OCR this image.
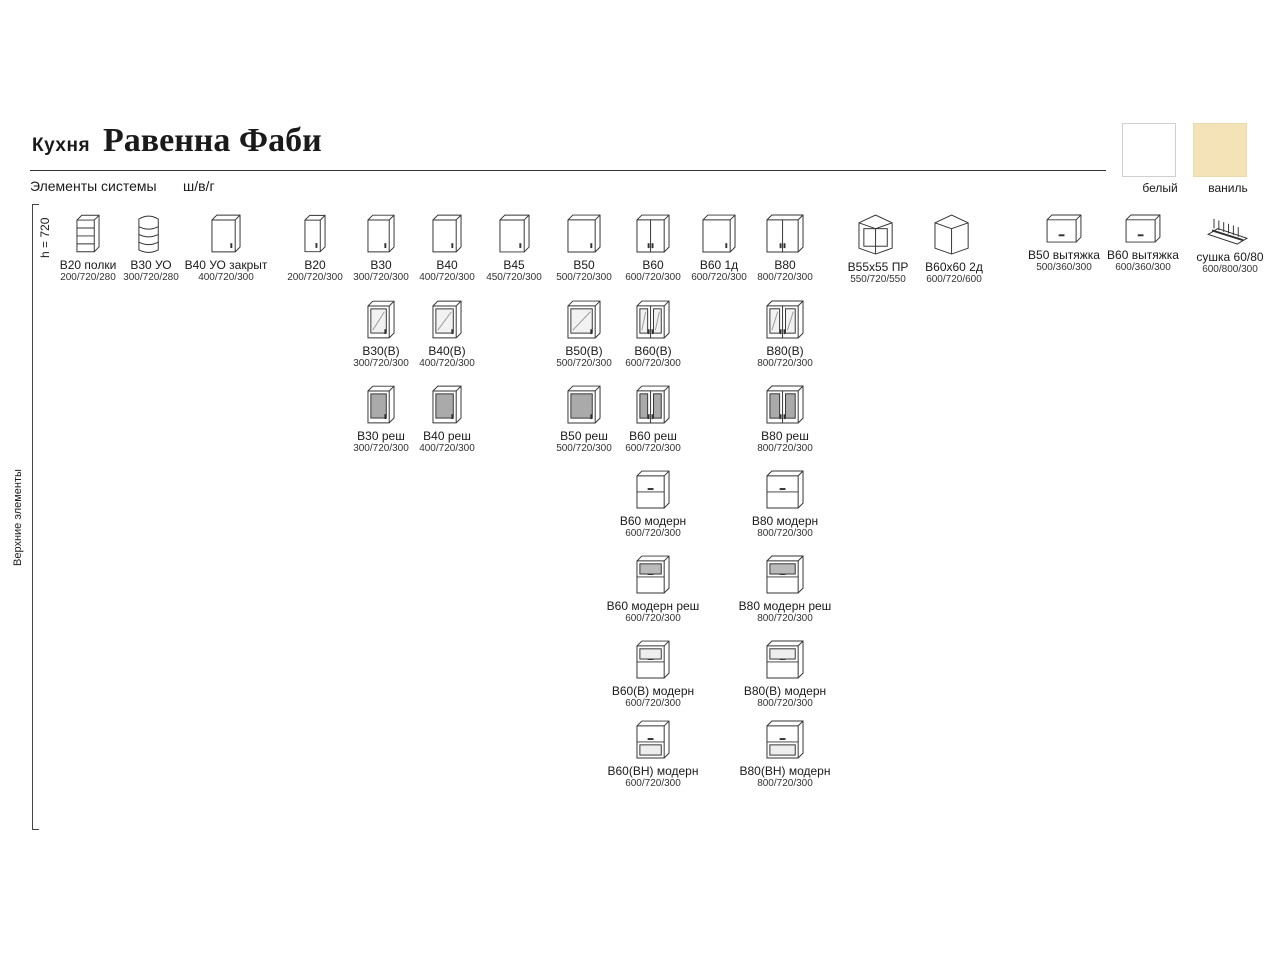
Кухня Равенна Фаби
Элементы системы ш/в/г	белый	ваниль
h = 720
Верхние элементы
В20 полки
200/720/280
В30 УО
300/720/280
В40 УО закрыт
400/720/300
В20
200/720/300
В30
300/720/300
В40
400/720/300
В45
450/720/300
В50
500/720/300
В60
600/720/300
В60 1д
600/720/300
В80
800/720/300
В55х55 ПР
550/720/550
В60х60 2д
600/720/600
В50 вытяжка
500/360/300
В60 вытяжка
600/360/300
сушка 60/80
600/800/300
В30(В)
300/720/300
В40(В)
400/720/300
В50(В)
500/720/300
В60(В)
600/720/300
В80(В)
800/720/300
В30 реш
300/720/300
В40 реш
400/720/300
В50 реш
500/720/300
В60 реш
600/720/300
В80 реш
800/720/300
В60 модерн
600/720/300
В80 модерн
800/720/300
В60 модерн реш
600/720/300
В80 модерн реш
800/720/300
В60(В) модерн
600/720/300
В80(В) модерн
800/720/300
В60(ВН) модерн
600/720/300
В80(ВН) модерн
800/720/300
